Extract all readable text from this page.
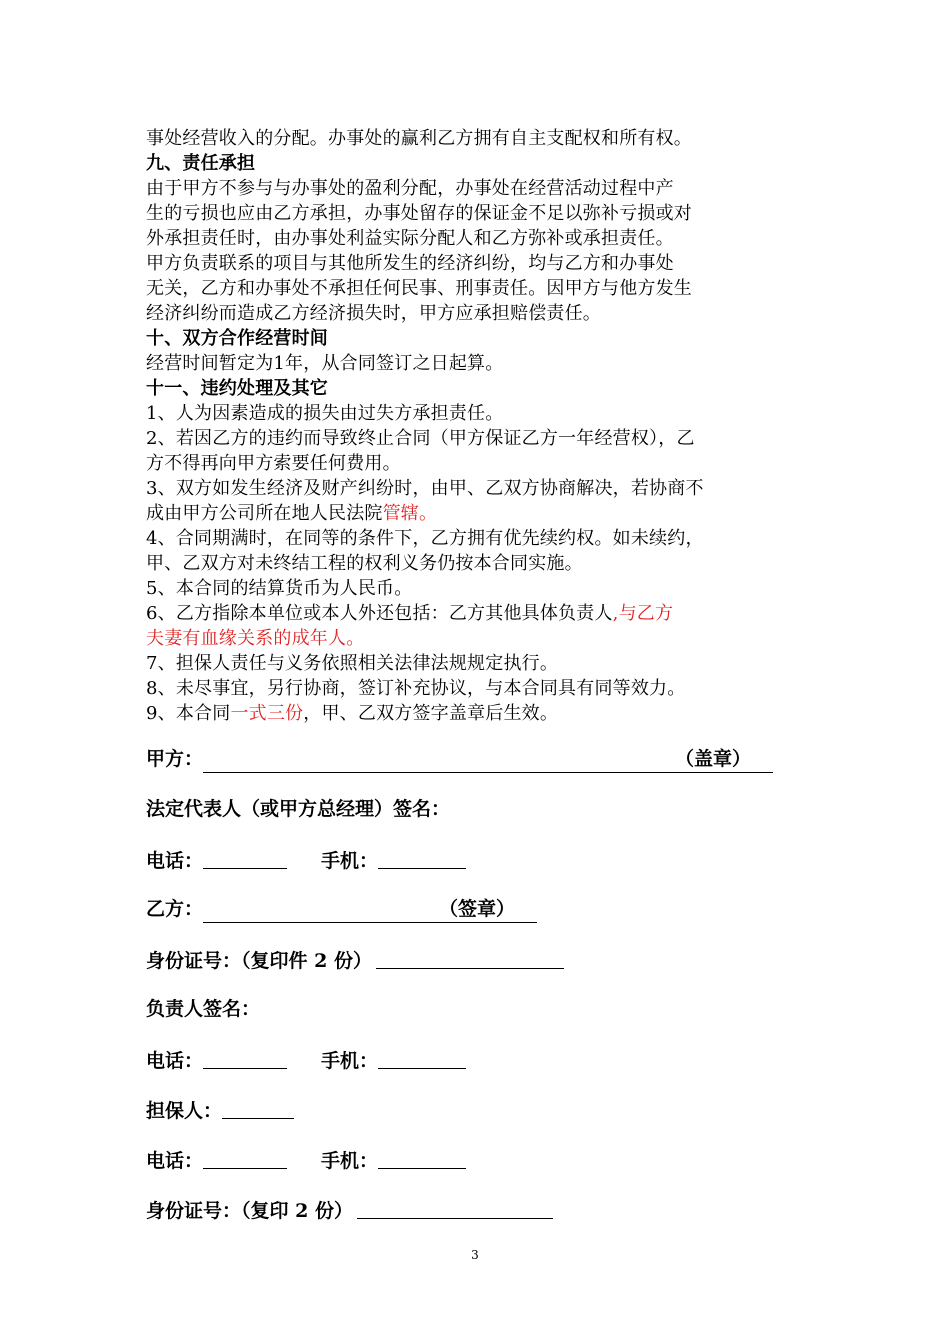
事处经营收入的分配。办事处的赢利乙方拥有自主支配权和所有权。
九、责任承担
由于甲方不参与与办事处的盈利分配，办事处在经营活动过程中产
生的亏损也应由乙方承担，办事处留存的保证金不足以弥补亏损或对
外承担责任时，由办事处利益实际分配人和乙方弥补或承担责任。
甲方负责联系的项目与其他所发生的经济纠纷，均与乙方和办事处
无关，乙方和办事处不承担任何民事、刑事责任。因甲方与他方发生
经济纠纷而造成乙方经济损失时，甲方应承担赔偿责任。
十、双方合作经营时间
经营时间暂定为1年，从合同签订之日起算。
十一、违约处理及其它
1、人为因素造成的损失由过失方承担责任。
2、若因乙方的违约而导致终止合同（甲方保证乙方一年经营权），乙
方不得再向甲方索要任何费用。
3、双方如发生经济及财产纠纷时，由甲、乙双方协商解决，若协商不
成由甲方公司所在地人民法院管辖。
4、合同期满时，在同等的条件下，乙方拥有优先续约权。如未续约，
甲、乙双方对未终结工程的权利义务仍按本合同实施。
5、本合同的结算货币为人民币。
6、乙方指除本单位或本人外还包括：乙方其他具体负责人,与乙方
夫妻有血缘关系的成年人。
7、担保人责任与义务依照相关法律法规规定执行。
8、未尽事宜，另行协商，签订补充协议，与本合同具有同等效力。
9、本合同一式三份，甲、乙双方签字盖章后生效。
甲方：	（盖章）
法定代表人（或甲方总经理）签名：
电话：	手机：
乙方：	（签章）
身份证号：（复印件 2 份）
负责人签名：
电话：	手机：
担保人：
电话：	手机：
身份证号：（复印 2 份）
3
